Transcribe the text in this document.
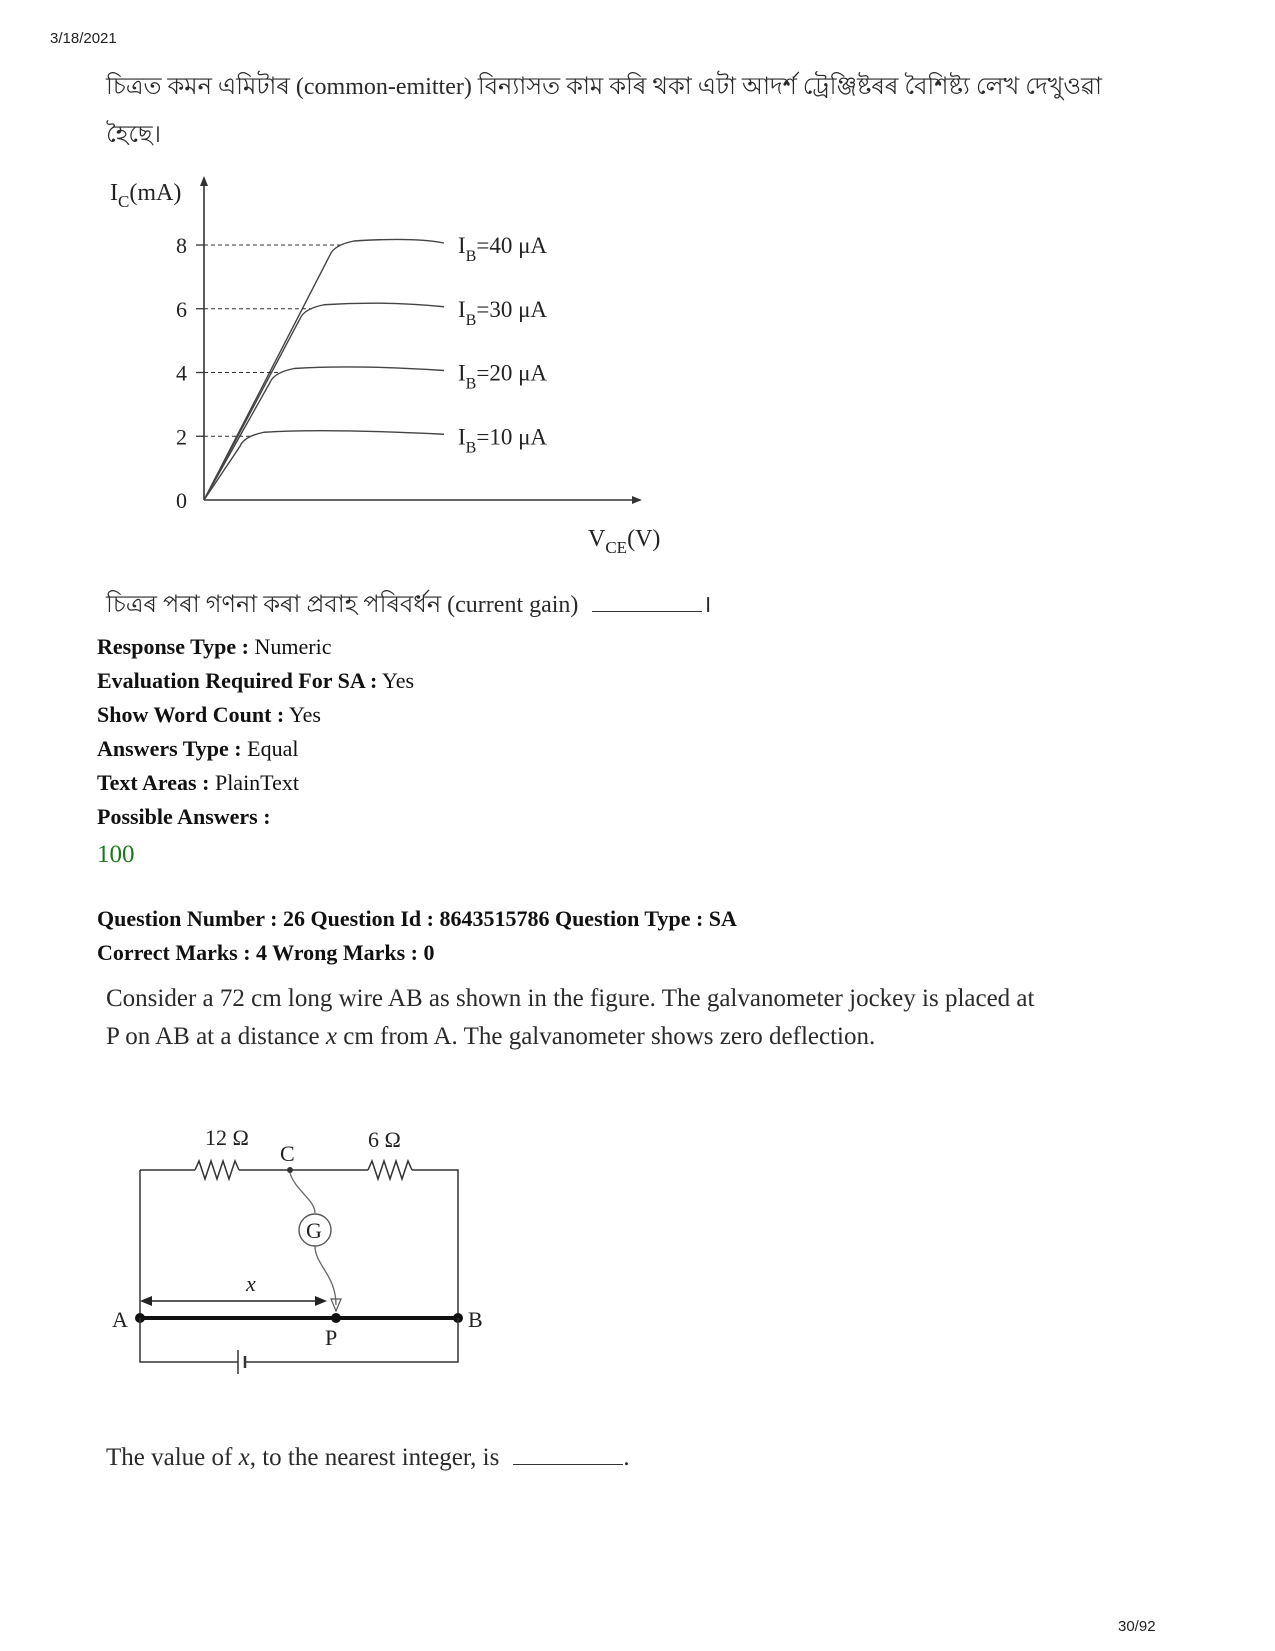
3/18/2021
চিত্ৰত কমন এমিটাৰ (common-emitter) বিন্যাসত কাম কৰি থকা এটা আদৰ্শ ট্ৰেঞ্জিষ্টৰৰ বৈশিষ্ট্য লেখ দেখুওৱা
হৈছে।
$I_C(mA)$
$V_{CE}(V)$
0
2
4
6
8	$I_B=40$ μA
$I_B=30$ μA
$I_B=20$ μA
$I_B=10$ μA
চিত্ৰৰ পৰা গণনা কৰা প্ৰবাহ পৰিবৰ্ধন (current gain)	।
Response Type : Numeric
Evaluation Required For SA : Yes
Show Word Count : Yes
Answers Type : Equal
Text Areas : PlainText
Possible Answers :
100
Question Number : 26 Question Id : 8643515786 Question Type : SA
Correct Marks : 4 Wrong Marks : 0
Consider a 72 cm long wire AB as shown in the figure. The galvanometer jockey is placed at
P on AB at a distance x cm from A. The galvanometer shows zero deflection.
12 Ω	6 Ω
C
G
x
A	B
P
The value of x, to the nearest integer, is	.
30/92
